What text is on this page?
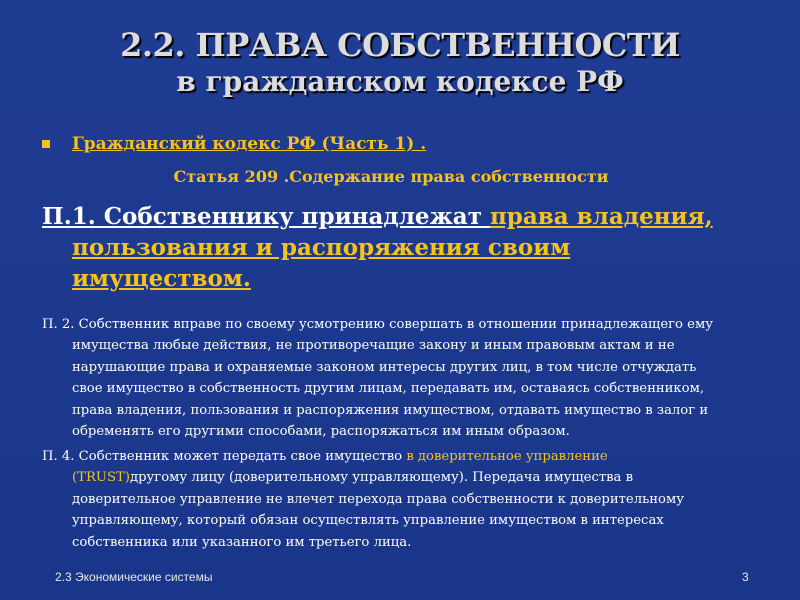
2.2. ПРАВА СОБСТВЕННОСТИ
в гражданском кодексе РФ
Гражданский кодекс РФ (Часть 1) .
Статья 209 .Содержание права собственности
П.1. Собственнику принадлежат права владения,
пользования и распоряжения своим
имуществом.
П. 2. Собственник вправе по своему усмотрению совершать в отношении принадлежащего ему
имущества любые действия, не противоречащие закону и иным правовым актам и не
нарушающие права и охраняемые законом интересы других лиц, в том числе отчуждать
свое имущество в собственность другим лицам, передавать им, оставаясь собственником,
права владения, пользования и распоряжения имуществом, отдавать имущество в залог и
обременять его другими способами, распоряжаться им иным образом.
П. 4. Собственник может передать свое имущество в доверительное управление
(TRUST)другому лицу (доверительному управляющему). Передача имущества в
доверительное управление не влечет перехода права собственности к доверительному
управляющему, который обязан осуществлять управление имуществом в интересах
собственника или указанного им третьего лица.
2.3 Экономические системы	3
